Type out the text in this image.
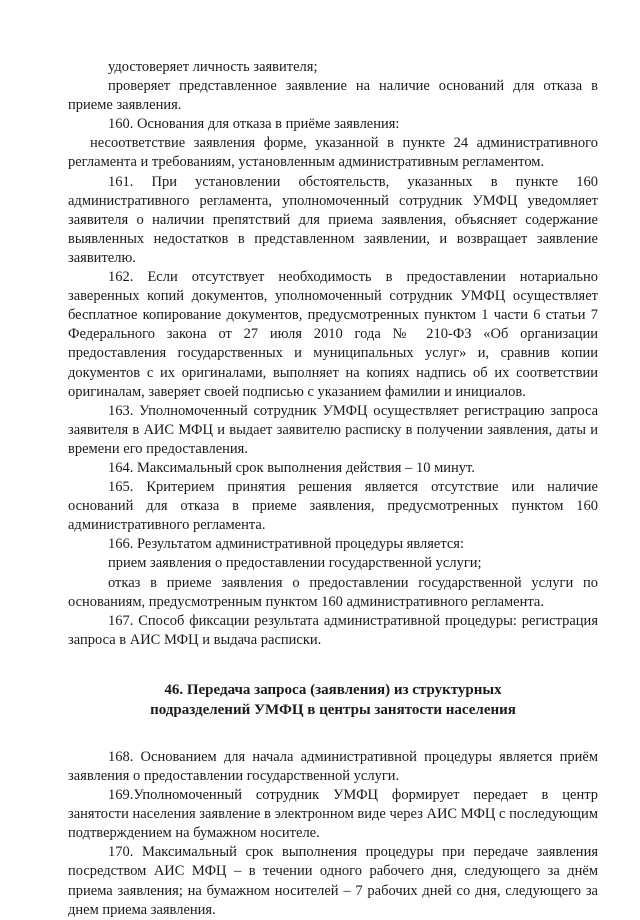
удостоверяет личность заявителя;

проверяет представленное заявление на наличие оснований для отказа в приеме заявления.

160. Основания для отказа в приёме заявления:

несоответствие заявления форме, указанной в пункте 24 административного регламента и требованиям, установленным административным регламентом.

161. При установлении обстоятельств, указанных в пункте 160 административного регламента, уполномоченный сотрудник УМФЦ уведомляет заявителя о наличии препятствий для приема заявления, объясняет содержание выявленных недостатков в представленном заявлении, и возвращает заявление заявителю.

162. Если отсутствует необходимость в предоставлении нотариально заверенных копий документов, уполномоченный сотрудник УМФЦ осуществляет бесплатное копирование документов, предусмотренных пунктом 1 части 6 статьи 7 Федерального закона от 27 июля 2010 года № 210-ФЗ «Об организации предоставления государственных и муниципальных услуг» и, сравнив копии документов с их оригиналами, выполняет на копиях надпись об их соответствии оригиналам, заверяет своей подписью с указанием фамилии и инициалов.

163. Уполномоченный сотрудник УМФЦ осуществляет регистрацию запроса заявителя в АИС МФЦ и выдает заявителю расписку в получении заявления, даты и времени его предоставления.

164. Максимальный срок выполнения действия – 10 минут.

165. Критерием принятия решения является отсутствие или наличие оснований для отказа в приеме заявления, предусмотренных пунктом 160 административного регламента.

166. Результатом административной процедуры является:

прием заявления о предоставлении государственной услуги;

отказ в приеме заявления о предоставлении государственной услуги по основаниям, предусмотренным пунктом 160 административного регламента.

167. Способ фиксации результата административной процедуры: регистрация запроса в АИС МФЦ и выдача расписки.

46. Передача запроса (заявления) из структурных
подразделений УМФЦ в центры занятости населения

168. Основанием для начала административной процедуры является приём заявления о предоставлении государственной услуги.

169.Уполномоченный сотрудник УМФЦ формирует передает в центр занятости населения заявление в электронном виде через АИС МФЦ с последующим подтверждением на бумажном носителе.

170. Максимальный срок выполнения процедуры при передаче заявления посредством АИС МФЦ – в течении одного рабочего дня, следующего за днём приема заявления; на бумажном носителей – 7 рабочих дней со дня, следующего за днем приема заявления.
